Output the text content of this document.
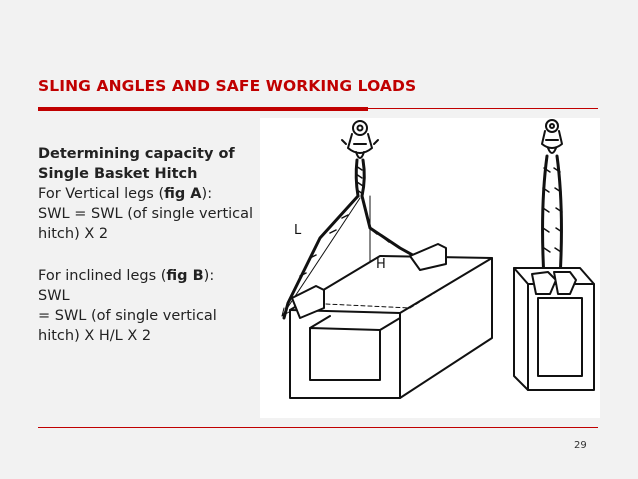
SLING ANGLES AND SAFE WORKING LOADS

Determining capacity of Single Basket Hitch

For Vertical legs (fig A):

SWL = SWL (of single vertical hitch) X 2

For inclined legs (fig B):

SWL

= SWL (of single vertical hitch) X H/L X 2

L
H
29
